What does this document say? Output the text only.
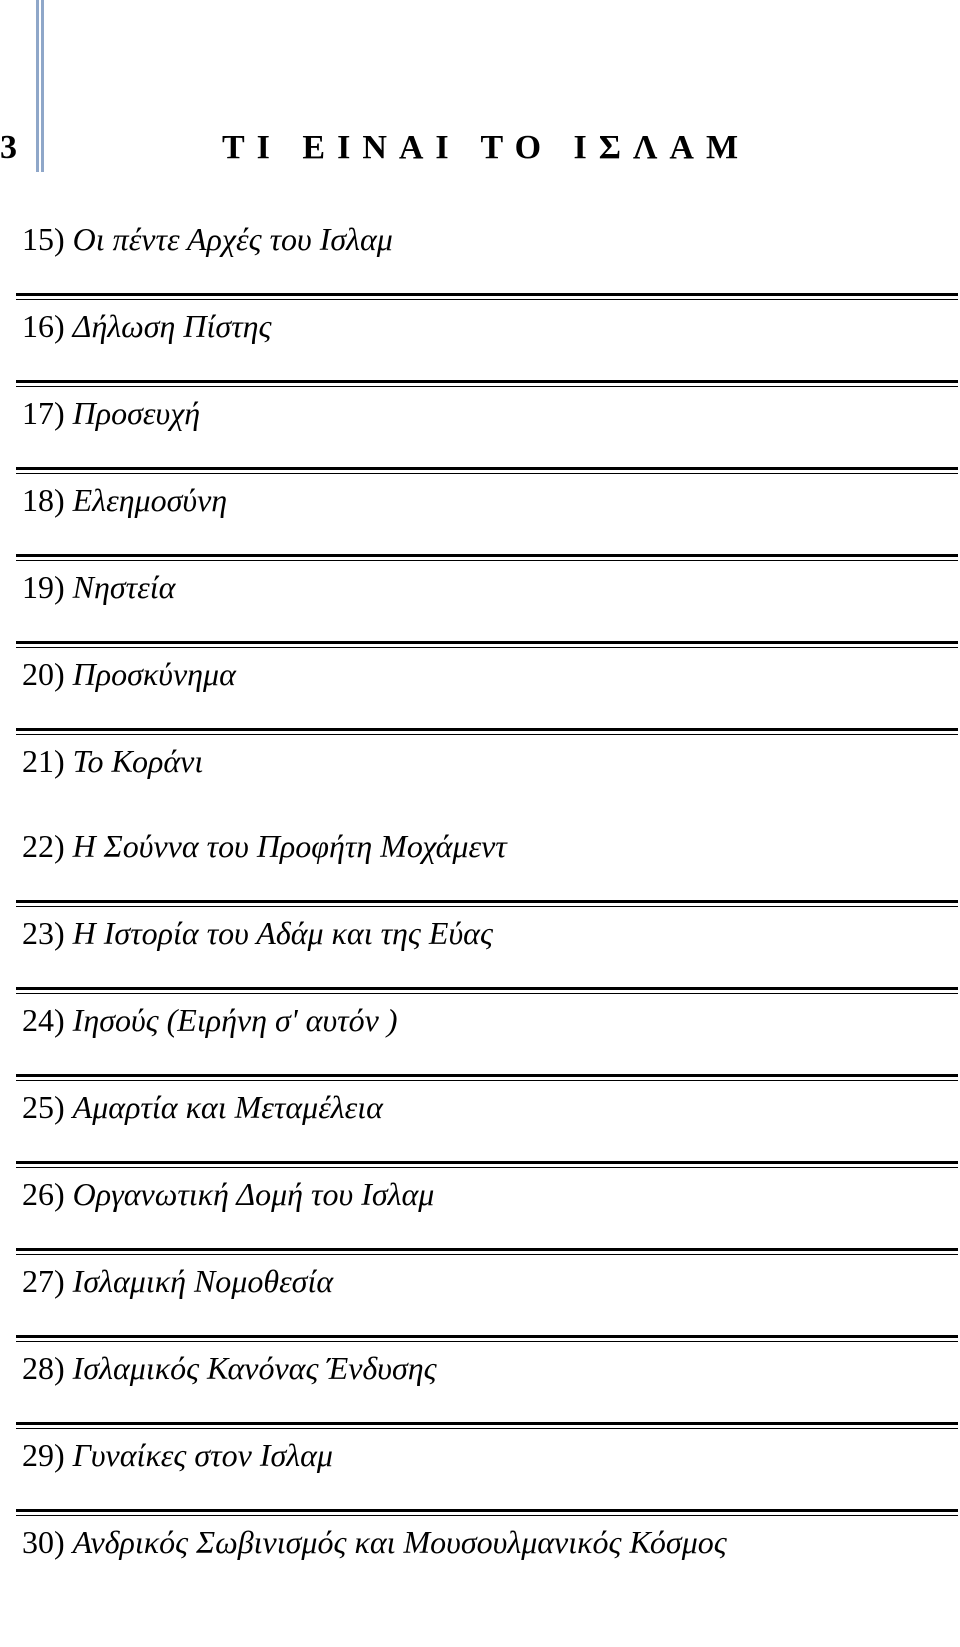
3	ΤΙ ΕΙΝΑΙ ΤΟ ΙΣΛΑΜ
15) Οι πέντε Αρχές του Ισλαμ
16) Δήλωση Πίστης
17) Προσευχή
18) Ελεημοσύνη
19) Νηστεία
20) Προσκύνημα
21) Το Κοράνι
22) Η Σούννα του Προφήτη Μοχάμεντ
23) Η Ιστορία του Αδάμ και της Εύας
24) Ιησούς (Ειρήνη σ' αυτόν )
25) Αμαρτία και Μεταμέλεια
26) Οργανωτική Δομή του Ισλαμ
27) Ισλαμική Νομοθεσία
28) Ισλαμικός Κανόνας Ένδυσης
29) Γυναίκες στον Ισλαμ
30) Ανδρικός Σωβινισμός και Μουσουλμανικός Κόσμος
